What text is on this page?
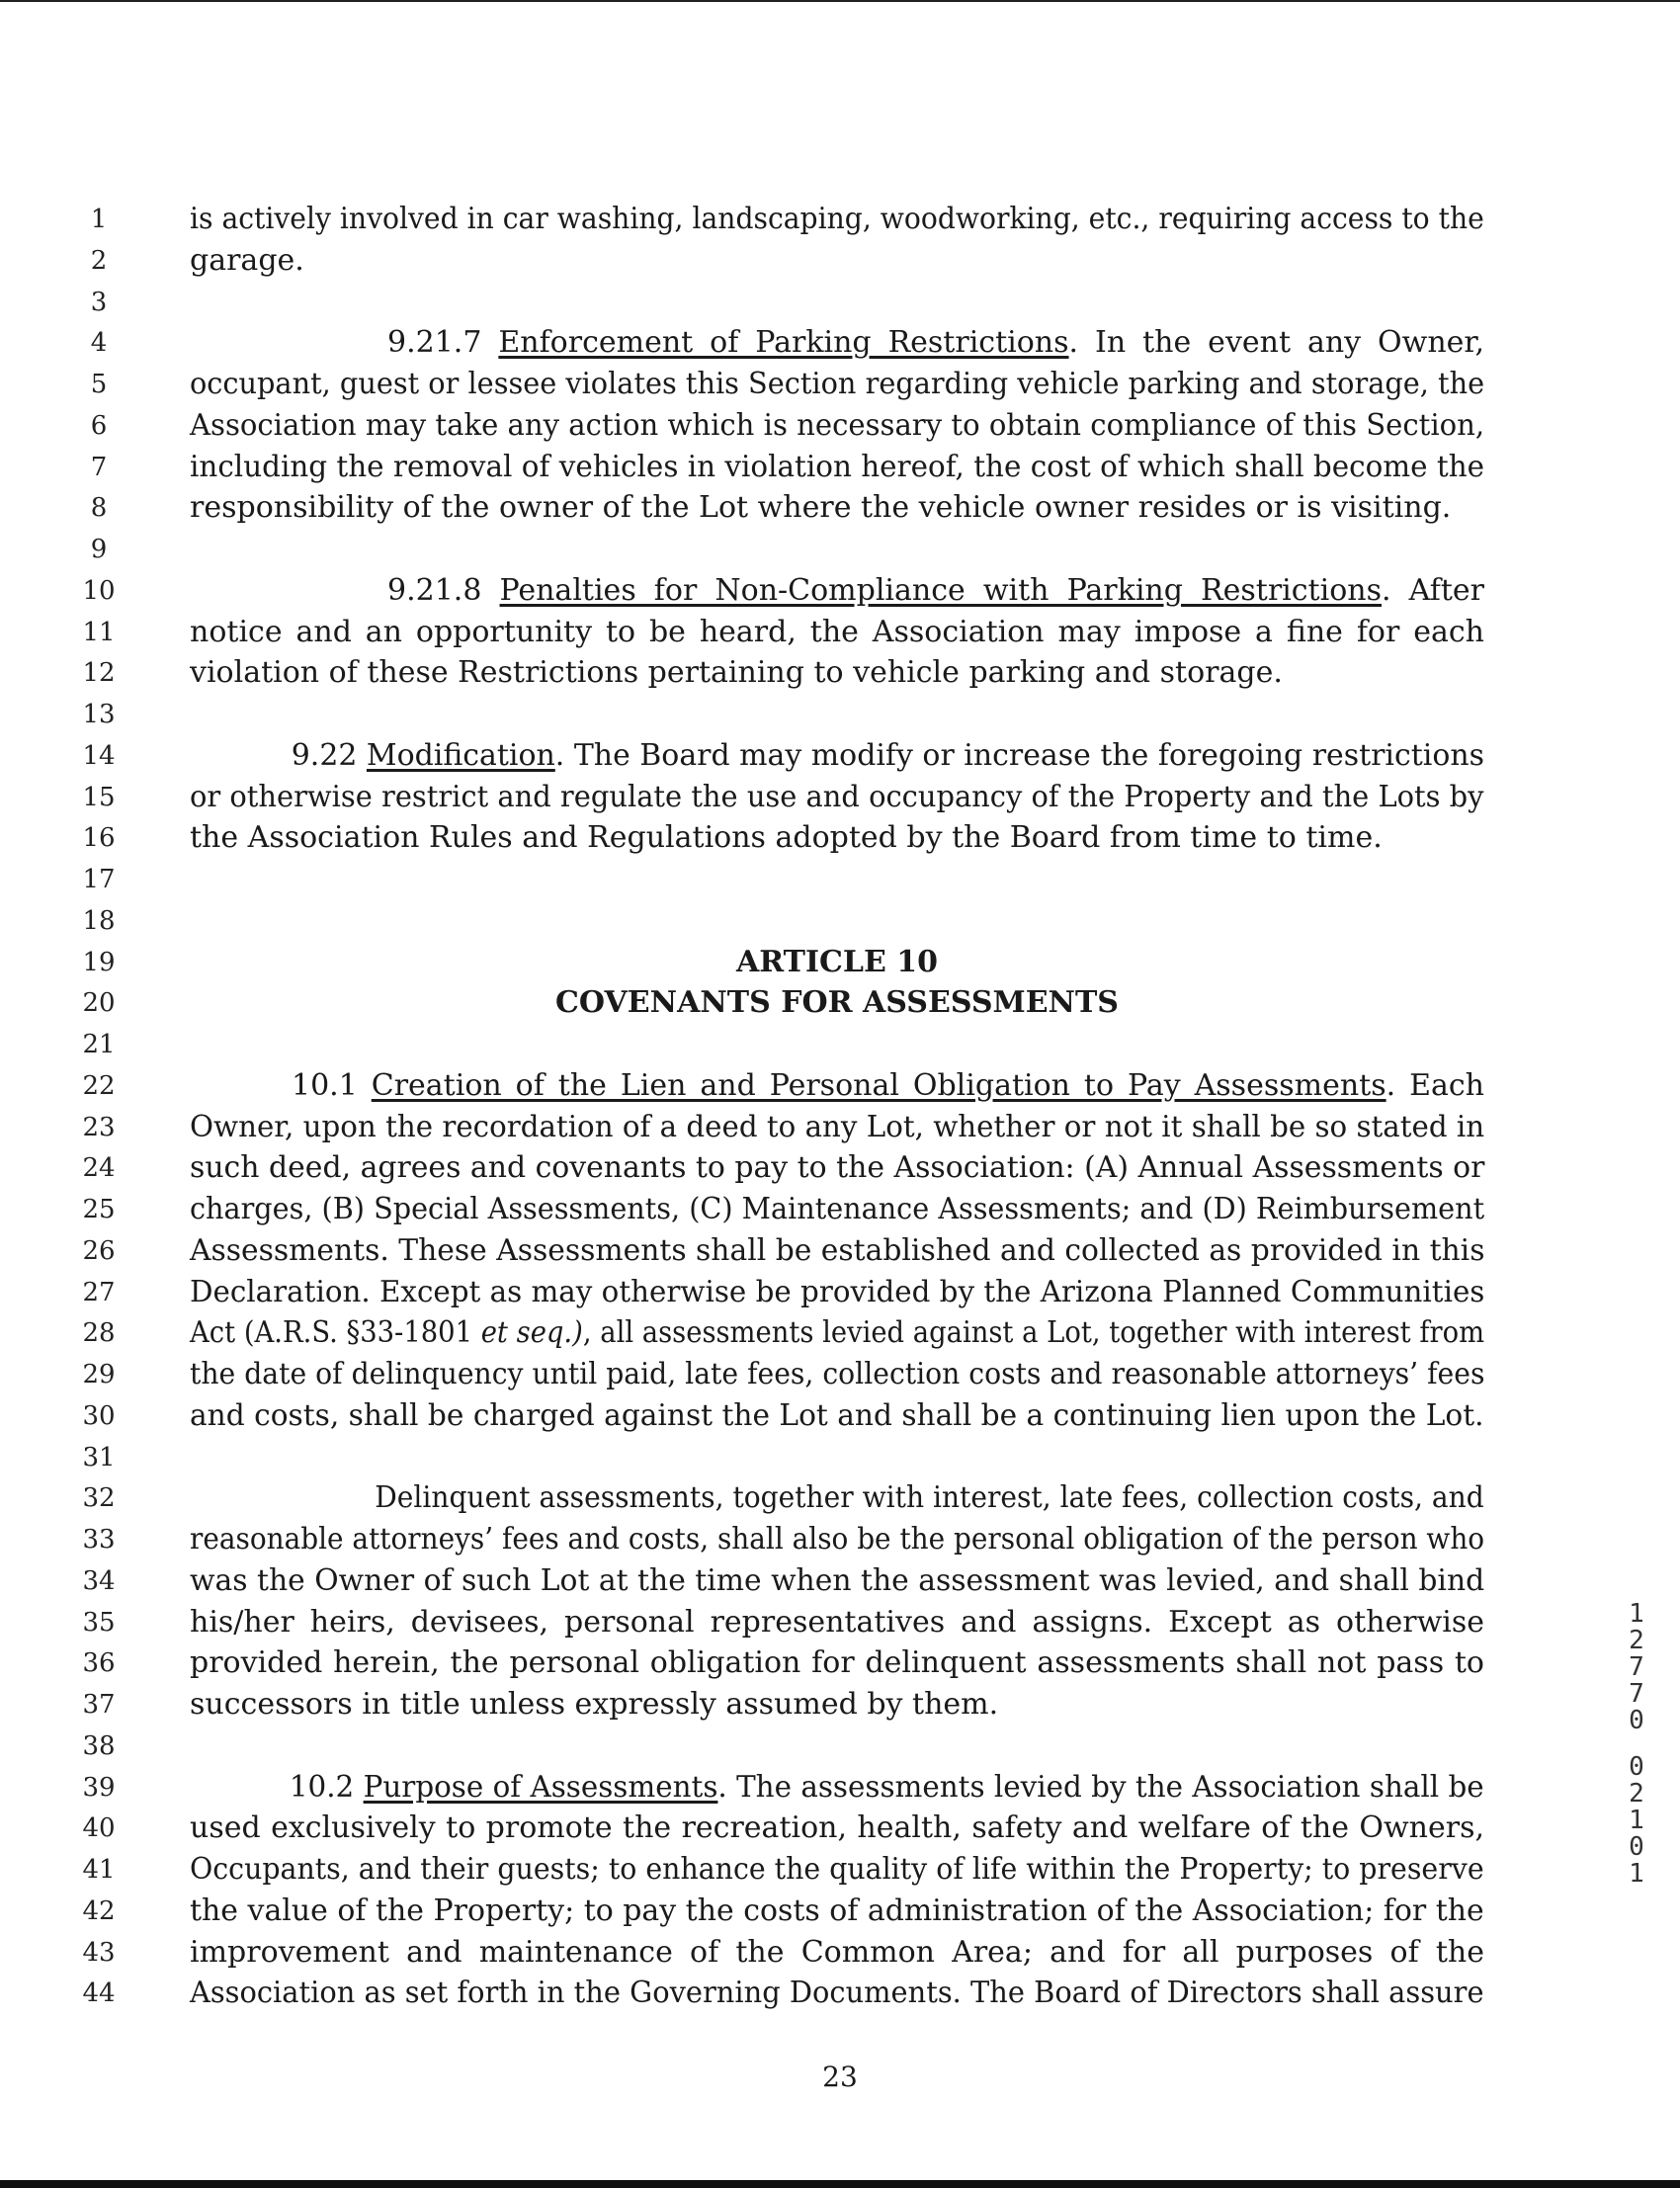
1	is actively involved in car washing, landscaping, woodworking, etc., requiring access to the
2	garage.
3
4	9.21.7 Enforcement of Parking Restrictions. In the event any Owner,
5	occupant, guest or lessee violates this Section regarding vehicle parking and storage, the
6	Association may take any action which is necessary to obtain compliance of this Section,
7	including the removal of vehicles in violation hereof, the cost of which shall become the
8	responsibility of the owner of the Lot where the vehicle owner resides or is visiting.
9
10	9.21.8 Penalties for Non-Compliance with Parking Restrictions. After
11	notice and an opportunity to be heard, the Association may impose a fine for each
12	violation of these Restrictions pertaining to vehicle parking and storage.
13
14	9.22 Modification. The Board may modify or increase the foregoing restrictions
15	or otherwise restrict and regulate the use and occupancy of the Property and the Lots by
16	the Association Rules and Regulations adopted by the Board from time to time.
17
18
19	ARTICLE 10
20	COVENANTS FOR ASSESSMENTS
21
22	10.1 Creation of the Lien and Personal Obligation to Pay Assessments. Each
23	Owner, upon the recordation of a deed to any Lot, whether or not it shall be so stated in
24	such deed, agrees and covenants to pay to the Association: (A) Annual Assessments or
25	charges, (B) Special Assessments, (C) Maintenance Assessments; and (D) Reimbursement
26	Assessments. These Assessments shall be established and collected as provided in this
27	Declaration. Except as may otherwise be provided by the Arizona Planned Communities
28	Act (A.R.S. §33-1801 et seq.), all assessments levied against a Lot, together with interest from
29	the date of delinquency until paid, late fees, collection costs and reasonable attorneys’ fees
30	and costs, shall be charged against the Lot and shall be a continuing lien upon the Lot.
31
32	Delinquent assessments, together with interest, late fees, collection costs, and
33	reasonable attorneys’ fees and costs, shall also be the personal obligation of the person who
34	was the Owner of such Lot at the time when the assessment was levied, and shall bind
35	his/her heirs, devisees, personal representatives and assigns. Except as otherwise
36	provided herein, the personal obligation for delinquent assessments shall not pass to
37	successors in title unless expressly assumed by them.
38
39	10.2 Purpose of Assessments. The assessments levied by the Association shall be
40	used exclusively to promote the recreation, health, safety and welfare of the Owners,
41	Occupants, and their guests; to enhance the quality of life within the Property; to preserve
42	the value of the Property; to pay the costs of administration of the Association; for the
43	improvement and maintenance of the Common Area; and for all purposes of the
44	Association as set forth in the Governing Documents. The Board of Directors shall assure
23
1
2
7
7
0

0
2
1
0
1
